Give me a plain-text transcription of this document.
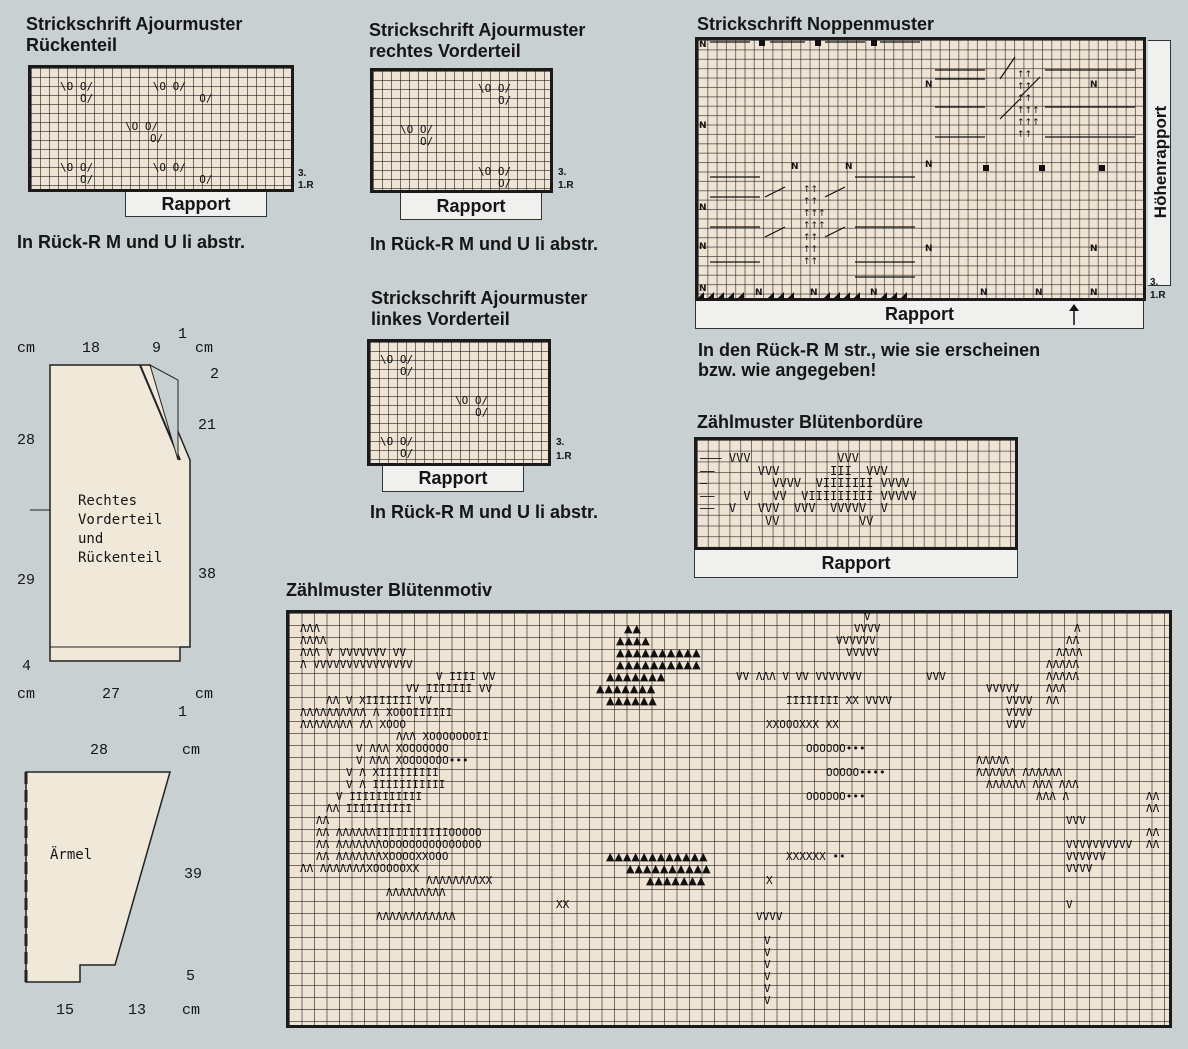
Strickschrift Ajourmuster

Rückenteil

3.
1.R
Rapport
In Rück-R M und U li abstr.
\O O/         \O O/
O/                O/
\O O/
O/
\O O/         \O O/
O/                O/

Strickschrift Ajourmuster

rechtes Vorderteil

3.
1.R
Rapport
In Rück-R M und U li abstr.
\O O/
O/
\O O/
O/
\O O/
O/

Strickschrift Ajourmuster

linkes Vorderteil

3.
1.R
Rapport
In Rück-R M und U li abstr.
\O O/
O/
\O O/
O/
\O O/
O/
Strickschrift Noppenmuster
N
N
N
N
N
N
N
N
N	N
N
N
N	N	N	N	N	N
↑↑
↑↑
↑↑
↑↑↑
↑↑↑
↑↑
↑↑
↑↑
↑↑↑
↑↑↑
↑↑
↑↑
↑↑
Höhenrapport
3.
1.R
Rapport
In den Rück-R M str., wie sie erscheinen
bzw. wie angegeben!
Zählmuster Blütenbordüre
——— VVV            VVV
——      VVV       III  VVV
—         VVVV  VIIIIIII VVVV
——    V   VV  VIIIIIIIII VVVVV
——  V   VVV  VVV  VVVVV  V
VV           VV
Rapport
Zählmuster Blütenmotiv
ΛΛΛ
ΛΛΛΛ
ΛΛΛ V VVVVVVV VV
Λ VVVVVVVVVVVVVVV
V IIII VV
VV IIIIIII VV
ΛΛ V XIIIIIII VV
ΛΛΛΛΛΛΛΛΛΛ Λ XOOOIIIIII
ΛΛΛΛΛΛΛΛ ΛΛ XOOO
ΛΛΛ XOOOOOOOII
V ΛΛΛ XOOOOOOO
V ΛΛΛ XOOOOOOO•••
V Λ XIIIIIIIII
V Λ IIIIIIIIIII
V IIIIIIIIIII
ΛΛ IIIIIIIIII
ΛΛ
ΛΛ ΛΛΛΛΛΛIIIIIIIIIIIOOOOO
ΛΛ ΛΛΛΛΛΛΛOOOOOOOOOOOOOOO
ΛΛ ΛΛΛΛΛΛΛXOOOOXXOOO
ΛΛ ΛΛΛΛΛΛΛXOOOOOXX
ΛΛΛΛΛΛΛΛXX
ΛΛΛΛΛΛΛΛΛ
XX
ΛΛΛΛΛΛΛΛΛΛΛΛ
▲▲
▲▲▲▲
▲▲▲▲▲▲▲▲▲▲
▲▲▲▲▲▲▲▲▲▲
▲▲▲▲▲▲▲
▲▲▲▲▲▲▲
▲▲▲▲▲▲
▲▲▲▲▲▲▲▲▲▲▲▲
▲▲▲▲▲▲▲▲▲▲
▲▲▲▲▲▲▲
VV ΛΛΛ V VV VVVVVVV
IIIIIIII XX VVVV
XXOOOXXX XX
OOOOOO•••
OOOOO••••
OOOOOO•••
XXXXXX ••
X
VVVV
V
V
V
V
V
V
V
VVVV
VVVVVV
VVVVV
VVV
VVVVV
VVVV
VVVV
VVV
ΛΛΛΛΛ
ΛΛΛΛΛΛ ΛΛΛΛΛΛ
ΛΛΛΛΛΛ ΛΛΛ ΛΛΛ
ΛΛΛ Λ
VVV
VVVVVVVVVV
VVVVVV
VVVV
V
Λ
ΛΛ
ΛΛΛΛ
ΛΛΛΛΛ
ΛΛΛΛΛ
ΛΛΛ
ΛΛ
ΛΛ
ΛΛ
ΛΛ
ΛΛ
cm	18	9
1
cm
2
28
29
4
21
38
cm	27	cm
1
Rechtes
Vorderteil
und
Rückenteil
28	cm
39
5
15	13 cm
Ärmel
